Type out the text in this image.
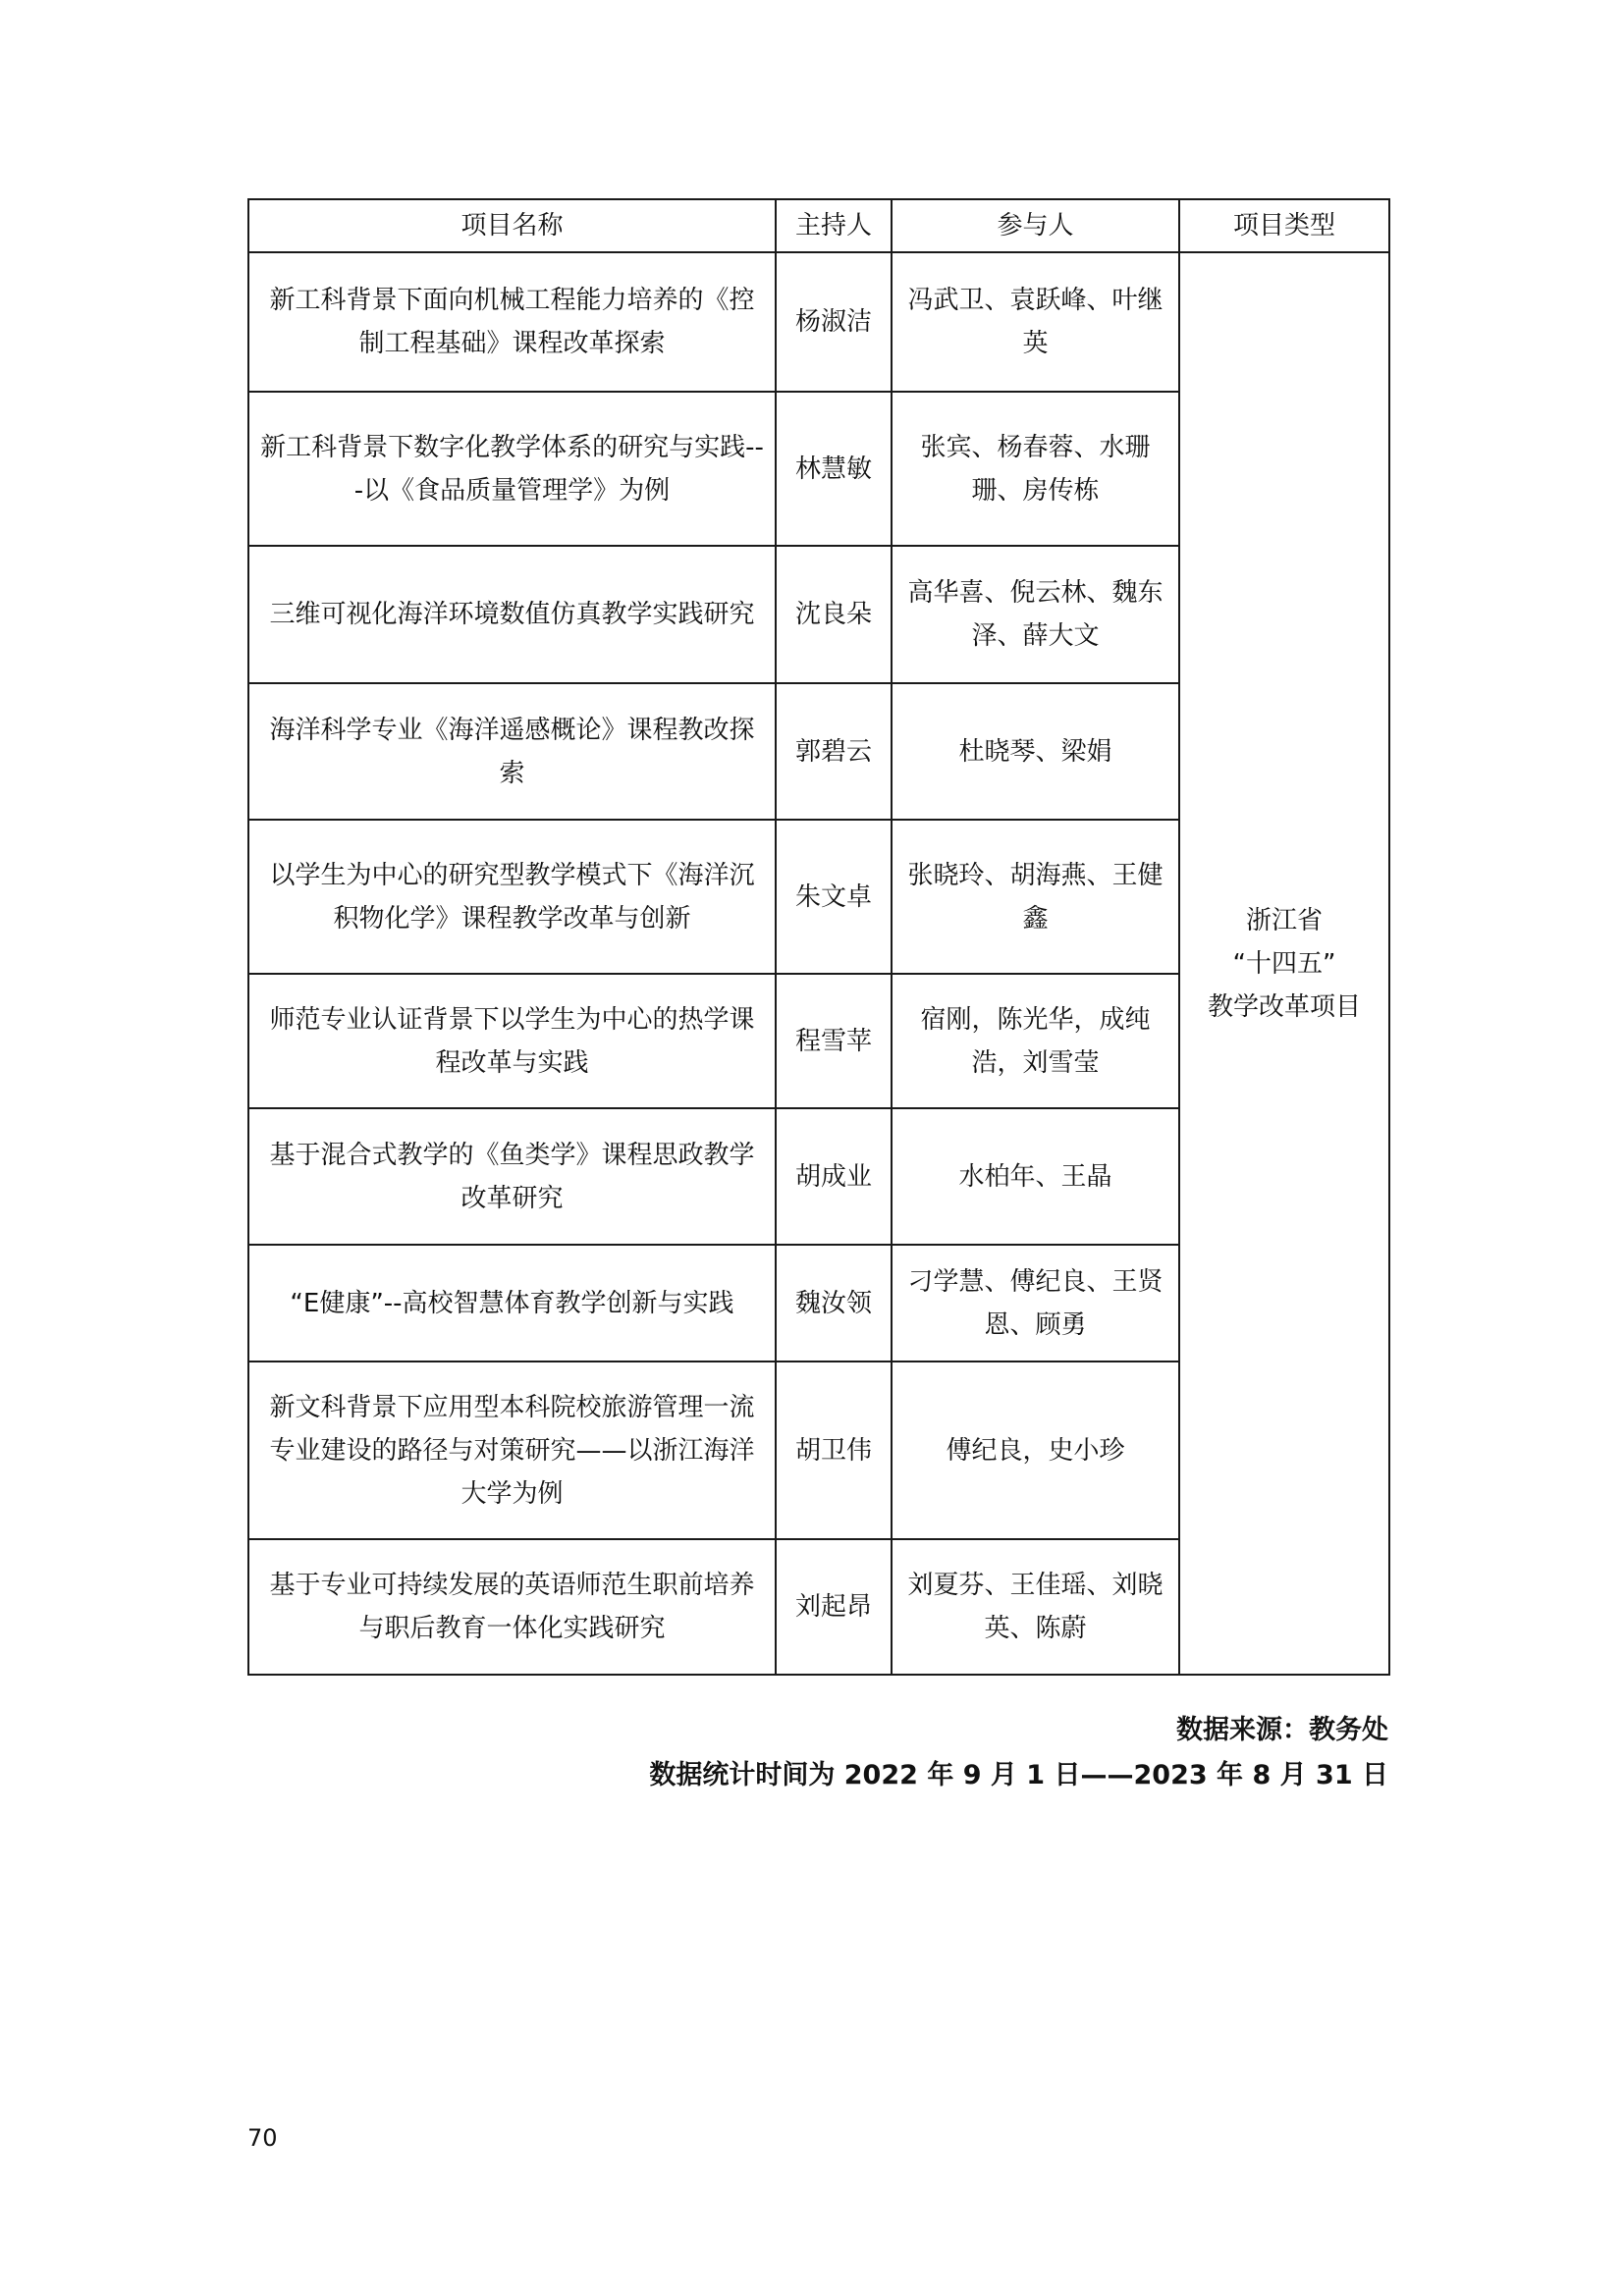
项目名称	主持人	参与人	项目类型
新工科背景下面向机械工程能力培养的《控制工程基础》课程改革探索	杨淑洁	冯武卫、袁跃峰、叶继英	浙江省
“十四五”
教学改革项目
新工科背景下数字化教学体系的研究与实践---以《食品质量管理学》为例	林慧敏	张宾、杨春蓉、水珊珊、房传栋	
三维可视化海洋环境数值仿真教学实践研究	沈良朵	高华喜、倪云林、魏东泽、薛大文	
海洋科学专业《海洋遥感概论》课程教改探索	郭碧云	杜晓琴、梁娟	
以学生为中心的研究型教学模式下《海洋沉积物化学》课程教学改革与创新	朱文卓	张晓玲、胡海燕、王健鑫	
师范专业认证背景下以学生为中心的热学课程改革与实践	程雪苹	宿刚，陈光华，成纯浩，刘雪莹	
基于混合式教学的《鱼类学》课程思政教学改革研究	胡成业	水柏年、王晶	
“E健康”--高校智慧体育教学创新与实践	魏汝领	刁学慧、傅纪良、王贤恩、顾勇	
新文科背景下应用型本科院校旅游管理一流专业建设的路径与对策研究——以浙江海洋大学为例	胡卫伟	傅纪良，史小珍	
基于专业可持续发展的英语师范生职前培养与职后教育一体化实践研究	刘起昂	刘夏芬、王佳瑶、刘晓英、陈蔚	
数据来源：教务处
数据统计时间为 2022 年 9 月 1 日——2023 年 8 月 31 日
70
